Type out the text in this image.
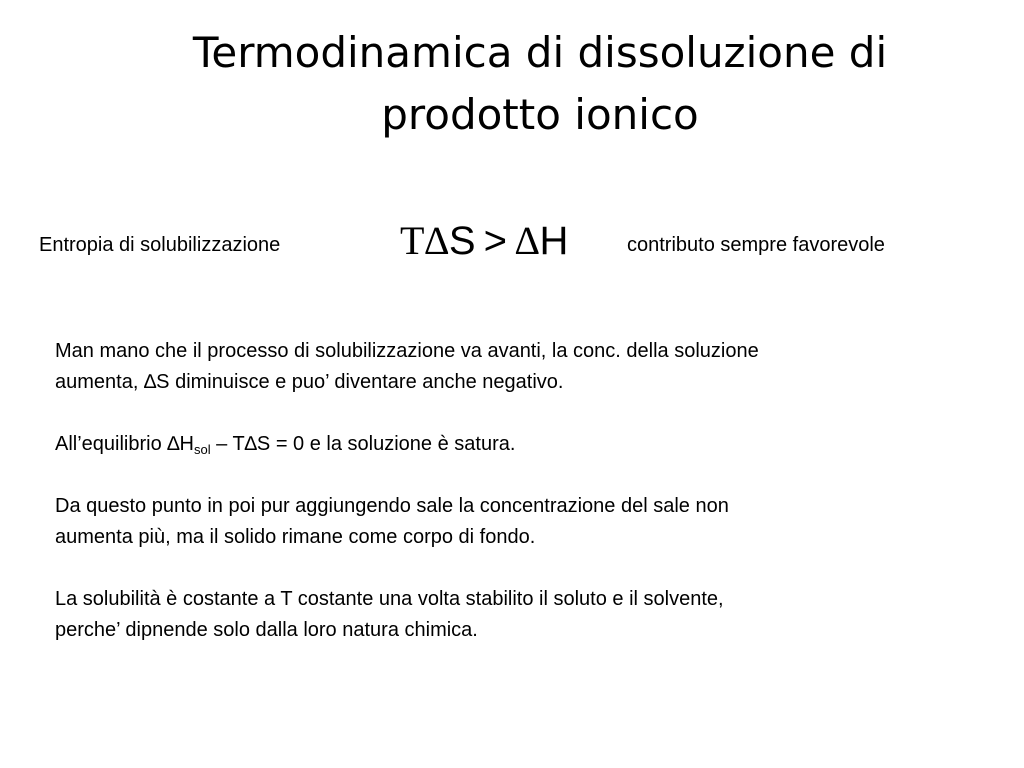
Termodinamica di dissoluzione di
prodotto ionico
Entropia di solubilizzazione	T∆S > ∆H	contributo sempre favorevole

Man mano che il processo di solubilizzazione va avanti, la conc. della soluzione
aumenta, ∆S diminuisce e puo’ diventare anche negativo.

All’equilibrio $\Delta H_{sol} - T\Delta S = 0$ e la soluzione è satura.

Da questo punto in poi pur aggiungendo sale la concentrazione del sale non
aumenta più, ma il solido rimane come corpo di fondo.

La solubilità è costante a T costante una volta stabilito il soluto e il solvente,
perche’ dipnende solo dalla loro natura chimica.
